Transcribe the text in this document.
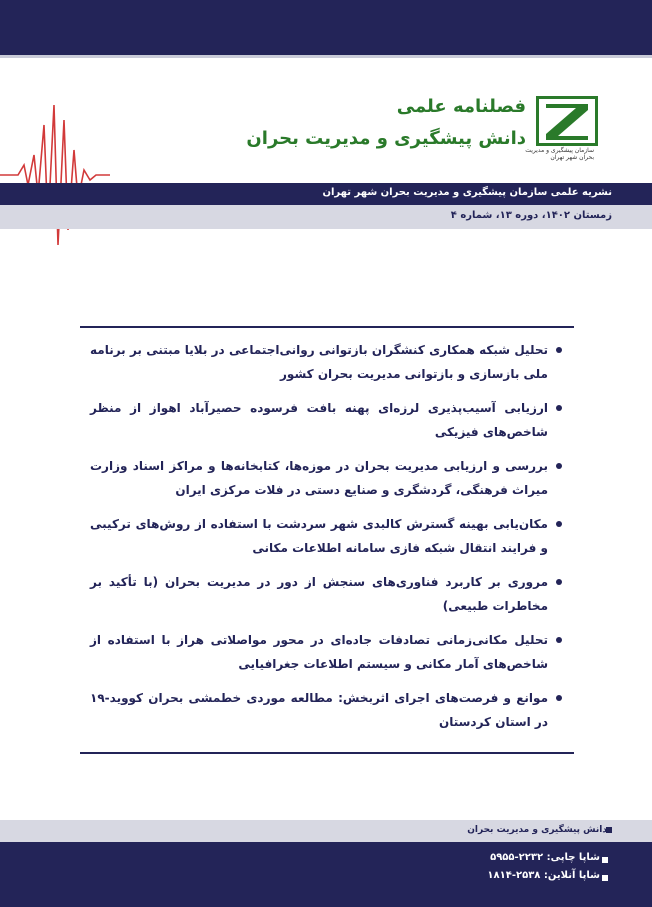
سازمان پیشگیری و مدیریت بحران شهر تهران
فصلنامه علمی
دانش پیشگیری و مدیریت بحران
نشریه علمی سازمان پیشگیری و مدیریت بحران شهر تهران
زمستان ۱۴۰۲، دوره ۱۳، شماره ۴
تحلیل شبکه همکاری کنشگران بازتوانی روانی‌اجتماعی در بلایا مبتنی بر برنامه ملی بازسازی و بازتوانی مدیریت بحران کشور
ارزیابی آسیب‌پذیری لرزه‌ای پهنه بافت فرسوده حصیرآباد اهواز از منظر شاخص‌های فیزیکی
بررسی و ارزیابی مدیریت بحران در موزه‌ها، کتابخانه‌ها و مراکز اسناد وزارت میراث فرهنگی، گردشگری و صنایع دستی در فلات مرکزی ایران
مکان‌یابی بهینه گسترش کالبدی شهر سردشت با استفاده از روش‌های ترکیبی و فرایند انتقال شبکه فازی سامانه اطلاعات مکانی
مروری بر کاربرد فناوری‌های سنجش از دور در مدیریت بحران (با تأکید بر مخاطرات طبیعی)
تحلیل مکانی‌زمانی تصادفات جاده‌ای در محور مواصلاتی هراز با استفاده از شاخص‌های آمار مکانی و سیستم اطلاعات جغرافیایی
موانع و فرصت‌های اجرای اثربخش: مطالعه موردی خطمشی بحران کووید-۱۹ در استان کردستان
دانش پیشگیری و مدیریت بحران
شاپا چاپی: ۲۲۳۲-۵۹۵۵
شاپا آنلاین: ۲۵۳۸-۱۸۱۴
